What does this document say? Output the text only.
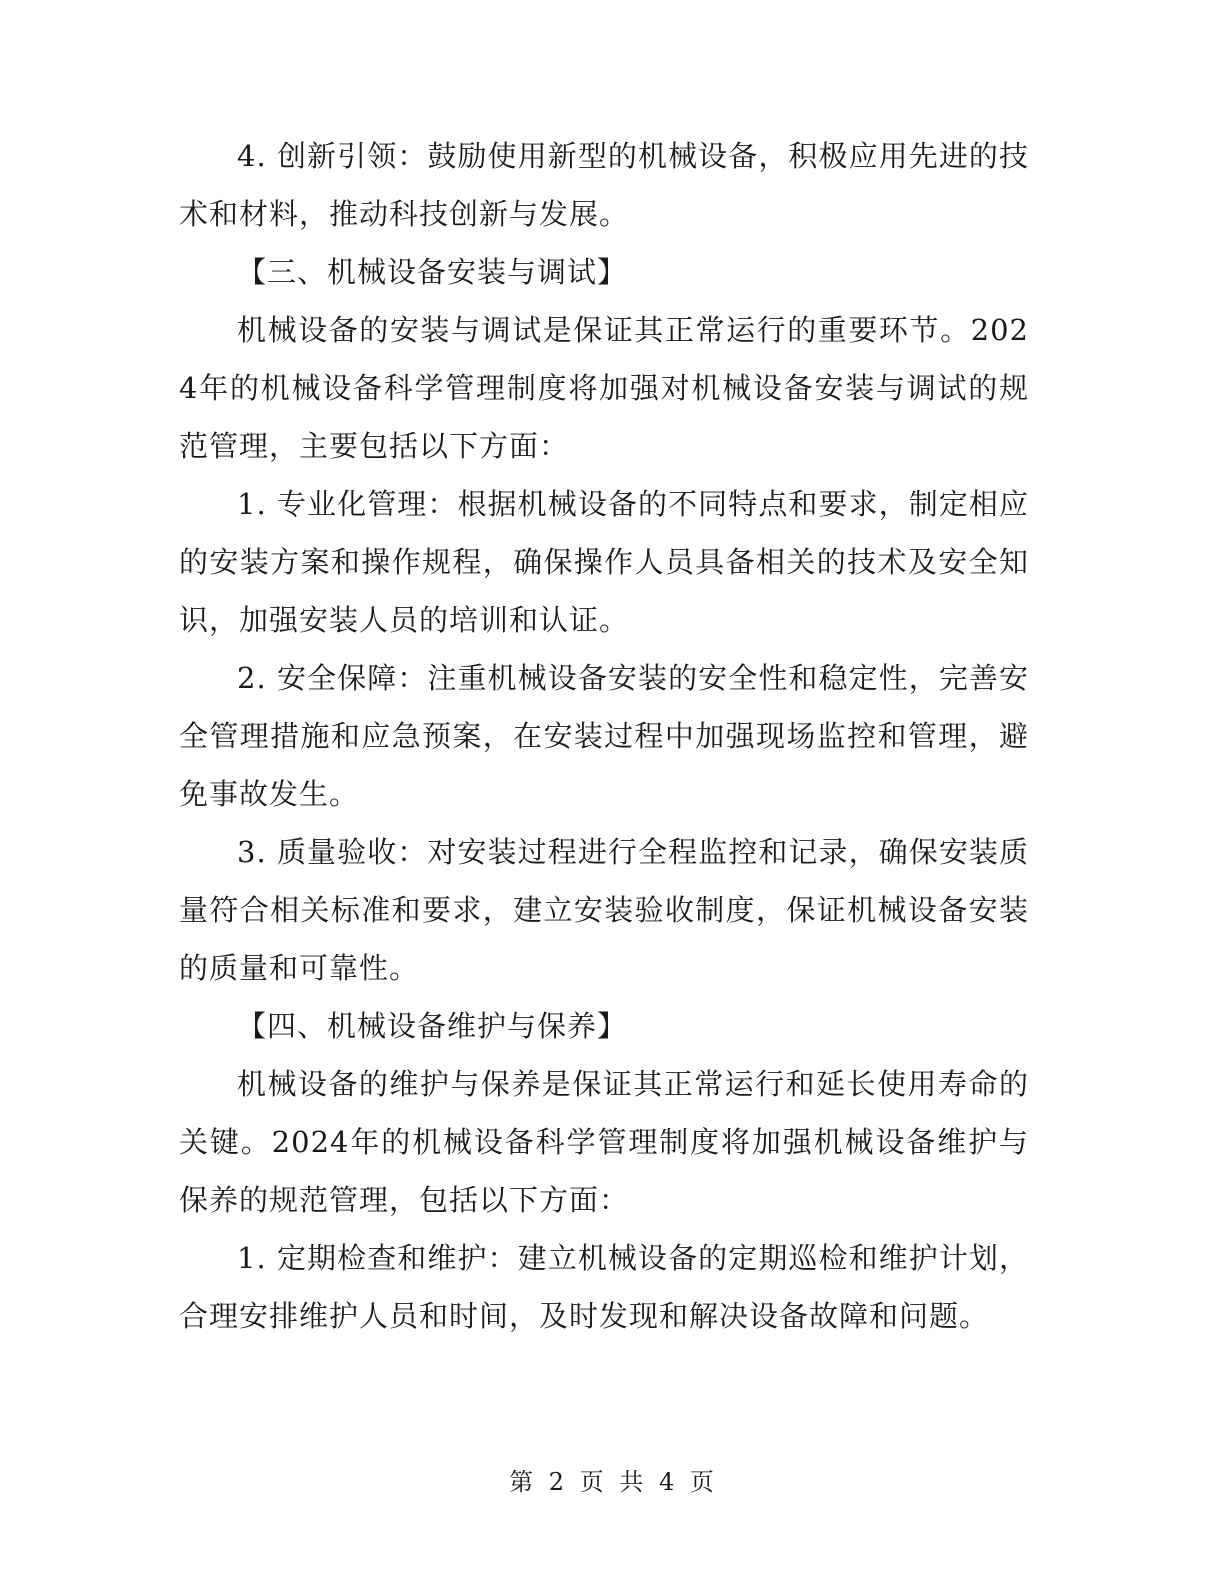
4. 创新引领：鼓励使用新型的机械设备，积极应用先进的技术和材料，推动科技创新与发展。

【三、机械设备安装与调试】

机械设备的安装与调试是保证其正常运行的重要环节。2024年的机械设备科学管理制度将加强对机械设备安装与调试的规范管理，主要包括以下方面：

1. 专业化管理：根据机械设备的不同特点和要求，制定相应的安装方案和操作规程，确保操作人员具备相关的技术及安全知识，加强安装人员的培训和认证。

2. 安全保障：注重机械设备安装的安全性和稳定性，完善安全管理措施和应急预案，在安装过程中加强现场监控和管理，避免事故发生。

3. 质量验收：对安装过程进行全程监控和记录，确保安装质量符合相关标准和要求，建立安装验收制度，保证机械设备安装的质量和可靠性。

【四、机械设备维护与保养】

机械设备的维护与保养是保证其正常运行和延长使用寿命的关键。2024年的机械设备科学管理制度将加强机械设备维护与保养的规范管理，包括以下方面：

1. 定期检查和维护：建立机械设备的定期巡检和维护计划，合理安排维护人员和时间，及时发现和解决设备故障和问题。

第 2 页 共 4 页
